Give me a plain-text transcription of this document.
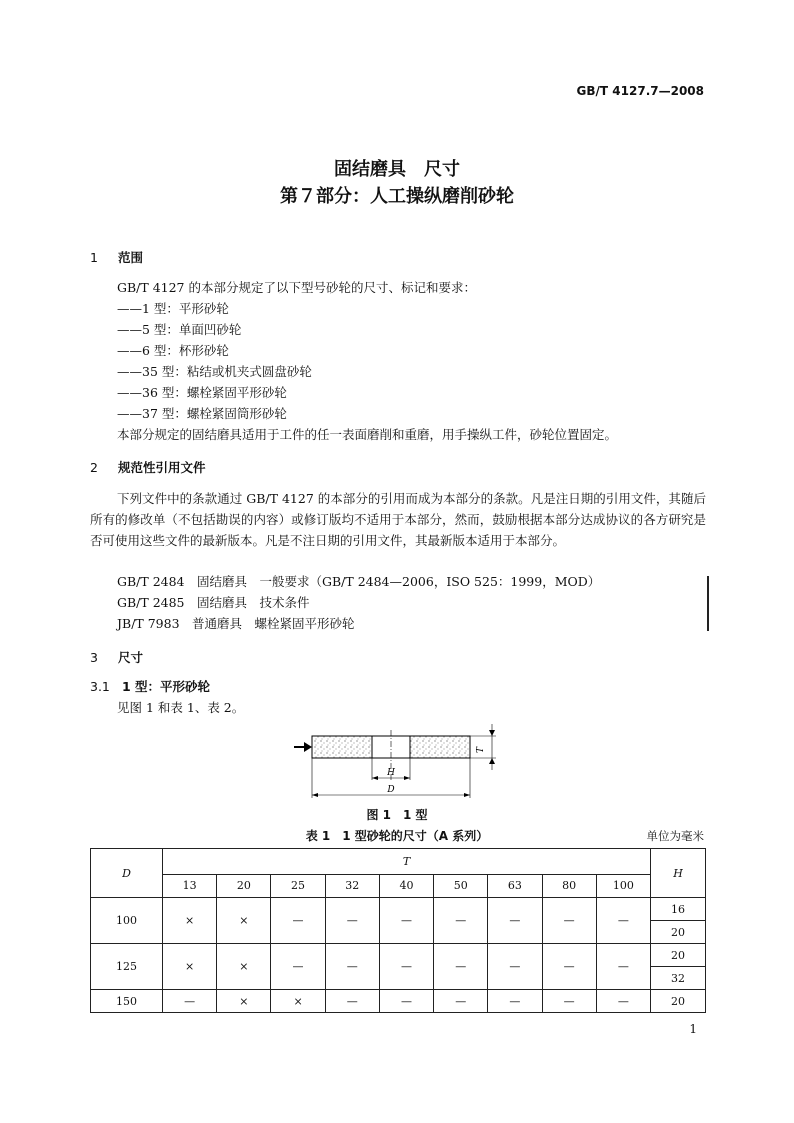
GB/T 4127.7—2008
固结磨具　尺寸
第７部分：人工操纵磨削砂轮
1 范围
GB/T 4127 的本部分规定了以下型号砂轮的尺寸、标记和要求：
——1 型：平形砂轮
——5 型：单面凹砂轮
——6 型：杯形砂轮
——35 型：粘结或机夹式圆盘砂轮
——36 型：螺栓紧固平形砂轮
——37 型：螺栓紧固筒形砂轮
本部分规定的固结磨具适用于工件的任一表面磨削和重磨，用手操纵工件，砂轮位置固定。
2 规范性引用文件
下列文件中的条款通过 GB/T 4127 的本部分的引用而成为本部分的条款。凡是注日期的引用文件，其随后所有的修改单（不包括勘误的内容）或修订版均不适用于本部分，然而，鼓励根据本部分达成协议的各方研究是否可使用这些文件的最新版本。凡是不注日期的引用文件，其最新版本适用于本部分。
GB/T 2484　固结磨具　一般要求（GB/T 2484—2006，ISO 525：1999，MOD）
GB/T 2485　固结磨具　技术条件
JB/T 7983　普通磨具　螺栓紧固平形砂轮
3 尺寸
3.1 1 型：平形砂轮
见图 1 和表 1、表 2。
T
H
D
图 1　1 型
表 1　1 型砂轮的尺寸（A 系列）	单位为毫米
D	T									H
	13	20	25	32	40	50	63	80	100	
100	×	×	—	—	—	—	—	—	—	16
										20
125	×	×	—	—	—	—	—	—	—	20
										32
150	—	×	×	—	—	—	—	—	—	20
1
